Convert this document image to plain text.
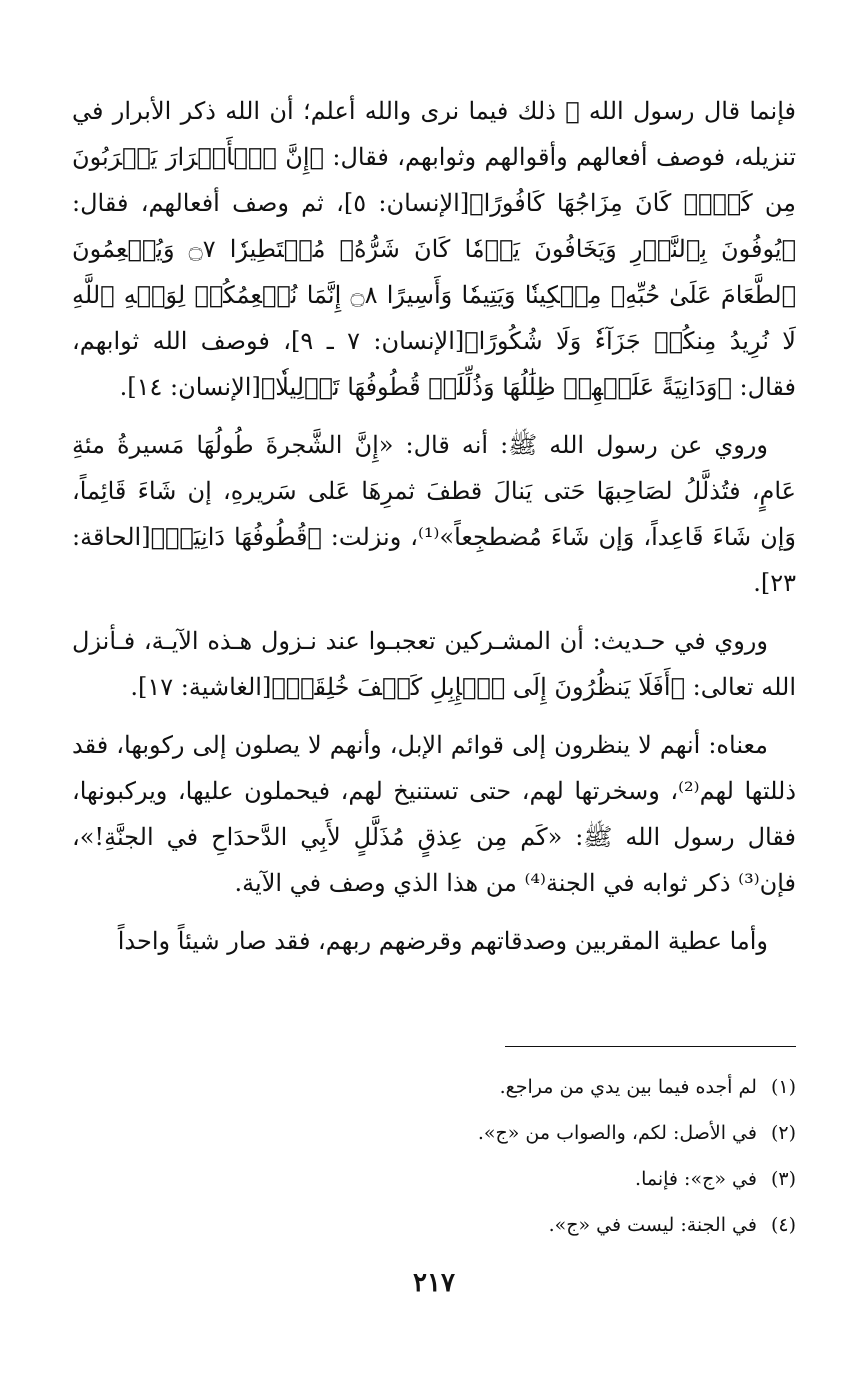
فإنما قال رسول الله ﷺ ذلك فيما نرى والله أعلم؛ أن الله ذكر الأبرار في تنزيله، فوصف أفعالهم وأقوالهم وثوابهم، فقال: ﴿إِنَّ ٱلۡأَبۡرَارَ يَشۡرَبُونَ مِن كَأۡسٖ كَانَ مِزَاجُهَا كَافُورًا﴾[الإنسان: ٥]، ثم وصف أفعالهم، فقال: ﴿يُوفُونَ بِٱلنَّذۡرِ وَيَخَافُونَ يَوۡمٗا كَانَ شَرُّهُۥ مُسۡتَطِيرٗا ۝٧ وَيُطۡعِمُونَ ٱلطَّعَامَ عَلَىٰ حُبِّهِۦ مِسۡكِينٗا وَيَتِيمٗا وَأَسِيرًا ۝٨ إِنَّمَا نُطۡعِمُكُمۡ لِوَجۡهِ ٱللَّهِ لَا نُرِيدُ مِنكُمۡ جَزَآءٗ وَلَا شُكُورًا﴾[الإنسان: ٧ ـ ٩]، فوصف الله ثوابهم، فقال: ﴿وَدَانِيَةً عَلَيۡهِمۡ ظِلَٰلُهَا وَذُلِّلَتۡ قُطُوفُهَا تَذۡلِيلٗا﴾[الإنسان: ١٤].

وروي عن رسول الله ﷺ: أنه قال: «إِنَّ الشَّجرةَ طُولُهَا مَسيرةُ مئةِ عَامٍ، فتُذلَّلُ لصَاحِبهَا حَتى يَنالَ قطفَ ثمرِهَا عَلى سَريرهِ، إن شَاءَ قَائِماً، وَإن شَاءَ قَاعِداً، وَإن شَاءَ مُضطجِعاً»⁽¹⁾، ونزلت: ﴿قُطُوفُهَا دَانِيَةٞ﴾[الحاقة: ٢٣].

وروي في حـديث: أن المشـركين تعجبـوا عند نـزول هـذه الآيـة، فـأنزل الله تعالى: ﴿أَفَلَا يَنظُرُونَ إِلَى ٱلۡإِبِلِ كَيۡفَ خُلِقَتۡ﴾[الغاشية: ١٧].

معناه: أنهم لا ينظرون إلى قوائم الإبل، وأنهم لا يصلون إلى ركوبها، فقد ذللتها لهم⁽²⁾، وسخرتها لهم، حتى تستنيخ لهم، فيحملون عليها، ويركبونها، فقال رسول الله ﷺ: «كَم مِن عِذقٍ مُذَلَّلٍ لأَبِي الدَّحدَاحِ في الجنَّةِ!»، فإن⁽³⁾ ذكر ثوابه في الجنة⁽⁴⁾ من هذا الذي وصف في الآية.

وأما عطية المقربين وصدقاتهم وقرضهم ربهم، فقد صار شيئاً واحداً

(١)لم أجده فيما بين يدي من مراجع.
(٢)في الأصل: لكم، والصواب من «ج».
(٣)في «ج»: فإنما.
(٤)في الجنة: ليست في «ج».
٢١٧
